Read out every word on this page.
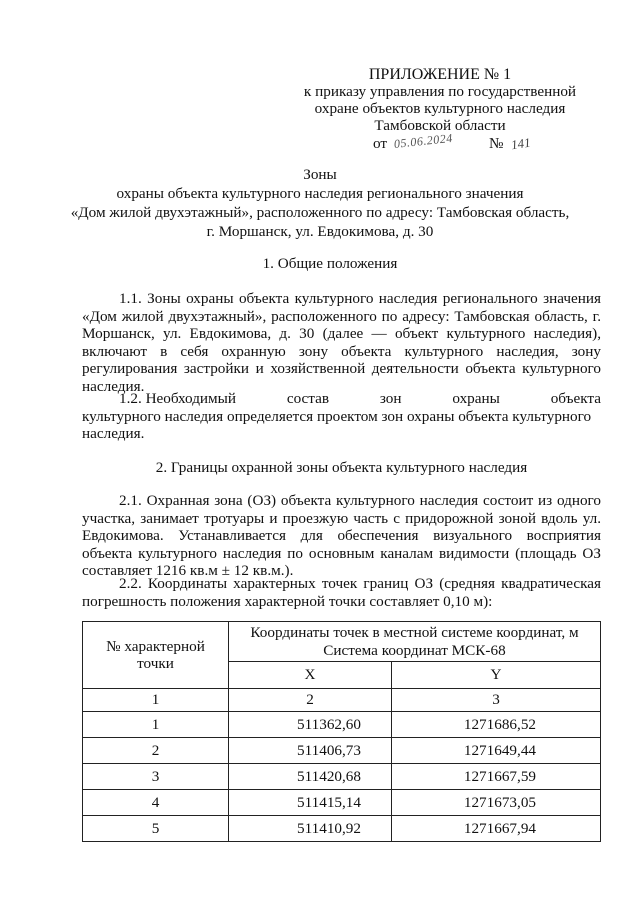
ПРИЛОЖЕНИЕ № 1
к приказу управления по государственной
охране объектов культурного наследия
Тамбовской области
от 05.06.2024 № 141
Зоны
охраны объекта культурного наследия регионального значения
«Дом жилой двухэтажный», расположенного по адресу: Тамбовская область,
г. Моршанск, ул. Евдокимова, д. 30
1. Общие положения
1.1. Зоны охраны объекта культурного наследия регионального значения «Дом жилой двухэтажный», расположенного по адресу: Тамбовская область, г. Моршанск, ул. Евдокимова, д. 30 (далее — объект культурного наследия), включают в себя охранную зону объекта культурного наследия, зону регулирования застройки и хозяйственной деятельности объекта культурного наследия.
1.2. Необходимый	состав	зон	охраны	объекта
культурного наследия определяется проектом зон охраны объекта культурного наследия.
2. Границы охранной зоны объекта культурного наследия
2.1. Охранная зона (ОЗ) объекта культурного наследия состоит из одного участка, занимает тротуары и проезжую часть с придорожной зоной вдоль ул. Евдокимова. Устанавливается для обеспечения визуального восприятия объекта культурного наследия по основным каналам видимости (площадь ОЗ составляет 1216 кв.м ± 12 кв.м.).
2.2. Координаты характерных точек границ ОЗ (средняя квадратическая погрешность положения характерной точки составляет 0,10 м):
№ характерной точки	Координаты точек в местной системе координат, м
Система координат МСК-68	

	X	Y
1	2	3
1	511362,60	1271686,52
2	511406,73	1271649,44
3	511420,68	1271667,59
4	511415,14	1271673,05
5	511410,92	1271667,94
